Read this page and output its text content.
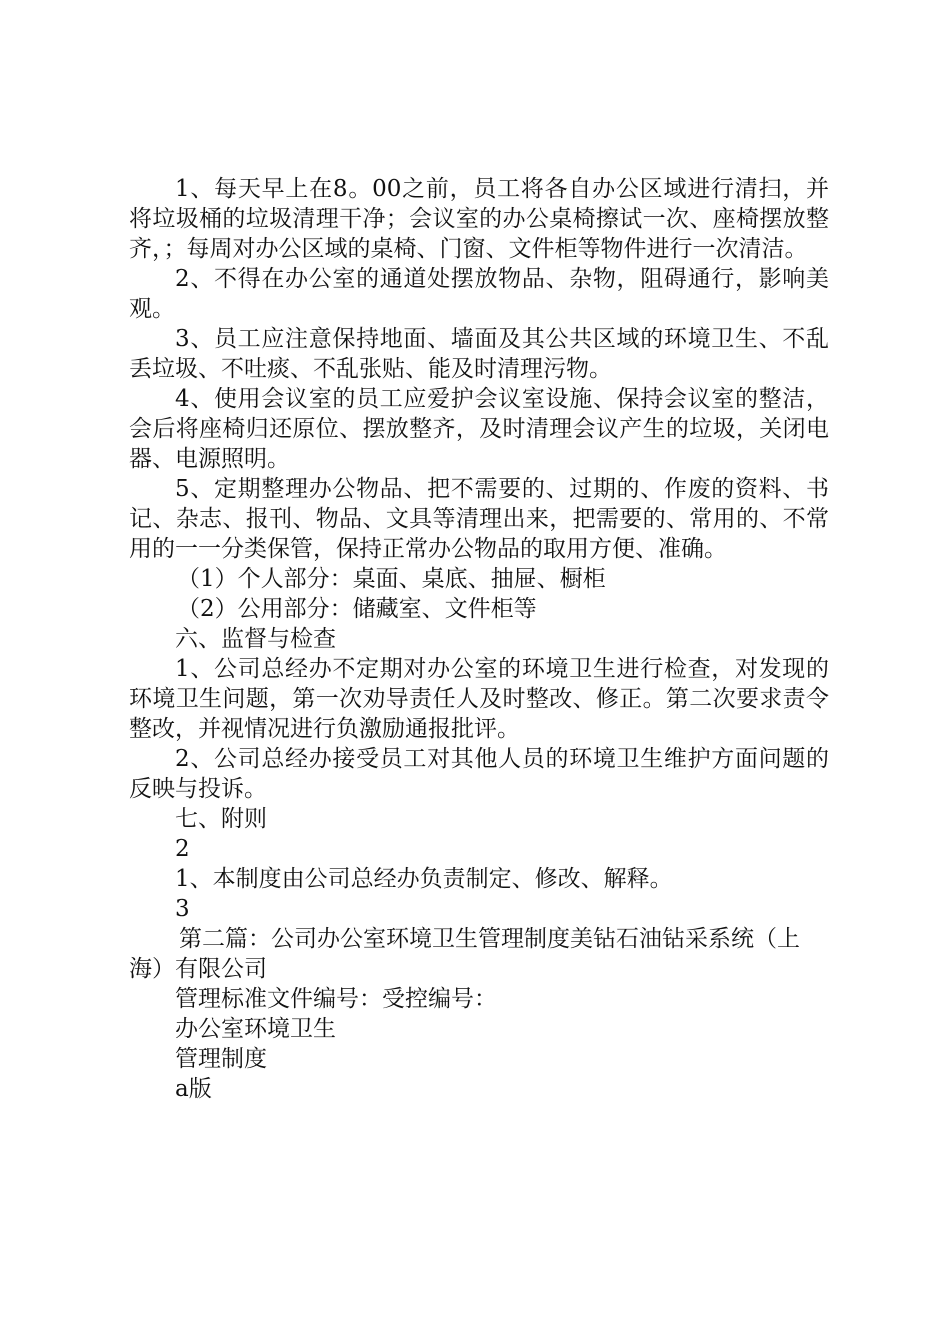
1、每天早上在8。00之前，员工将各自办公区域进行清扫，并将垃圾桶的垃圾清理干净；会议室的办公桌椅擦试一次、座椅摆放整齐，；每周对办公区域的桌椅、门窗、文件柜等物件进行一次清洁。

2、不得在办公室的通道处摆放物品、杂物，阻碍通行，影响美观。

3、员工应注意保持地面、墙面及其公共区域的环境卫生、不乱丢垃圾、不吐痰、不乱张贴、能及时清理污物。

4、使用会议室的员工应爱护会议室设施、保持会议室的整洁，会后将座椅归还原位、摆放整齐，及时清理会议产生的垃圾，关闭电器、电源照明。

5、定期整理办公物品、把不需要的、过期的、作废的资料、书记、杂志、报刊、物品、文具等清理出来，把需要的、常用的、不常用的一一分类保管，保持正常办公物品的取用方便、准确。

（1）个人部分：桌面、桌底、抽屉、橱柜

（2）公用部分：储藏室、文件柜等

六、监督与检查

1、公司总经办不定期对办公室的环境卫生进行检查，对发现的环境卫生问题，第一次劝导责任人及时整改、修正。第二次要求责令整改，并视情况进行负激励通报批评。

2、公司总经办接受员工对其他人员的环境卫生维护方面问题的反映与投诉。

七、附则

2

1、本制度由公司总经办负责制定、修改、解释。

3

第二篇：公司办公室环境卫生管理制度美钻石油钻采系统（上海）有限公司

管理标准文件编号：受控编号：

办公室环境卫生

管理制度

a版
